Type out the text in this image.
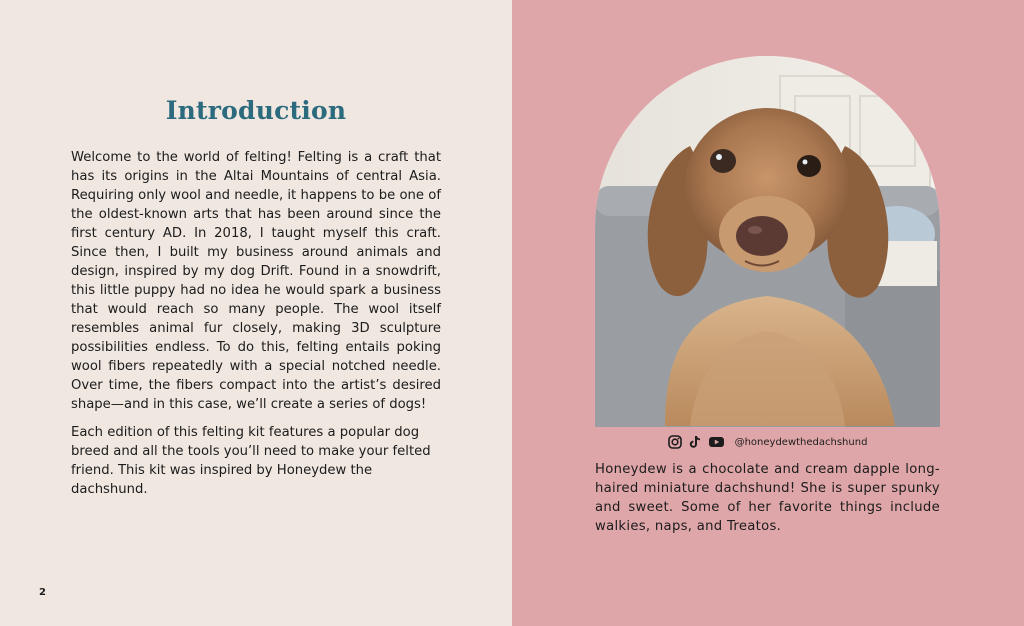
Introduction

Welcome to the world of felting! Felting is a craft that has its origins in the Altai Mountains of central Asia. Requiring only wool and needle, it happens to be one of the oldest-known arts that has been around since the first century AD. In 2018, I taught myself this craft. Since then, I built my business around animals and design, inspired by my dog Drift. Found in a snowdrift, this little puppy had no idea he would spark a business that would reach so many people. The wool itself resembles animal fur closely, making 3D sculpture possibilities endless. To do this, felting entails poking wool fibers repeatedly with a special notched needle. Over time, the fibers compact into the artist’s desired shape—and in this case, we’ll create a series of dogs!

Each edition of this felting kit features a popular dog breed and all the tools you’ll need to make your felted friend. This kit was inspired by Honeydew the dachshund.

2
@honeydewthedachshund

Honeydew is a chocolate and cream dapple long-haired miniature dachshund! She is super spunky and sweet. Some of her favorite things include walkies, naps, and Treatos.
